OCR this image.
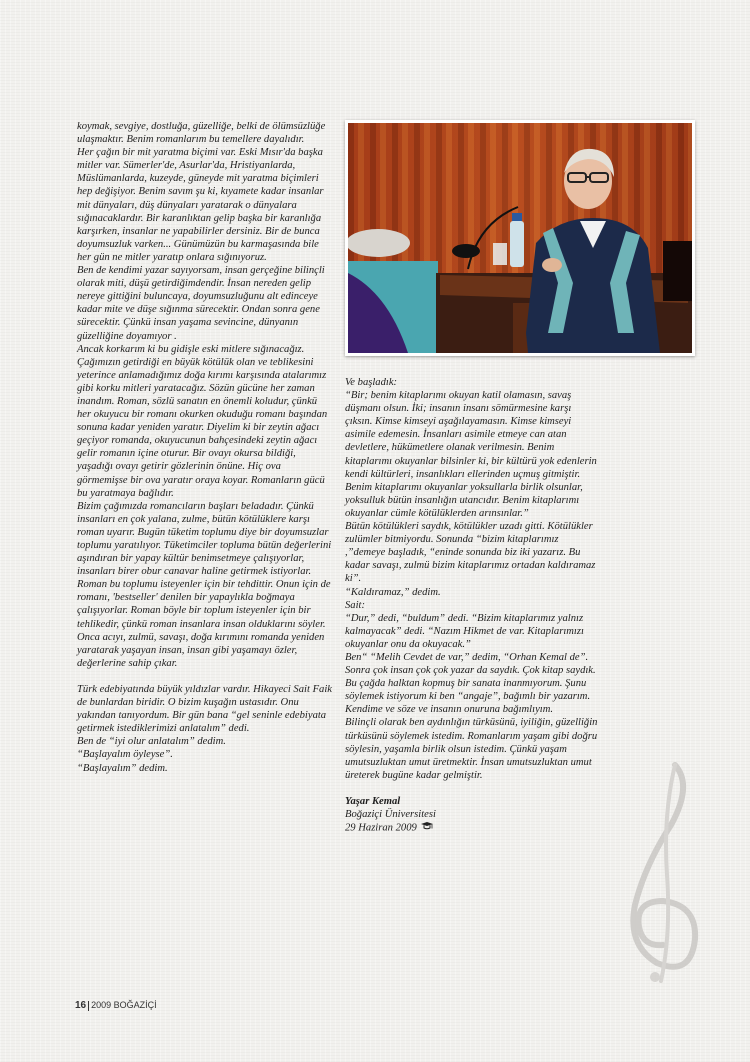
koymak, sevgiye, dostluğa, güzelliğe, belki de ölümsüzlüğe ulaşmaktır. Benim romanlarım bu temellere dayalıdır.

Her çağın bir mit yaratma biçimi var. Eski Mısır'da başka mitler var. Sümerler'de, Asurlar'da, Hristiyanlarda, Müslümanlarda, kuzeyde, güneyde mit yaratma biçimleri hep değişiyor. Benim savım şu ki, kıyamete kadar insanlar mit dünyaları, düş dünyaları yaratarak o dünyalara sığınacaklardır. Bir karanlıktan gelip başka bir karanlığa karşırken, insanlar ne yapabilirler dersiniz. Bir de bunca doyumsuzluk varken... Günümüzün bu karmaşasında bile her gün ne mitler yaratıp onlara sığınıyoruz.

Ben de kendimi yazar sayıyorsam, insan gerçeğine bilinçli olarak miti, düşü getirdiğimdendir. İnsan nereden gelip nereye gittiğini buluncaya, doyumsuzluğunu alt edinceye kadar mite ve düşe sığınma sürecektir. Ondan sonra gene sürecektir. Çünkü insan yaşama sevincine, dünyanın güzelliğine doyamıyor .

Ancak korkarım ki bu gidişle eski mitlere sığınacağız. Çağımızın getirdiği en büyük kötülük olan ve teblikesini yeterince anlamadığımız doğa kırımı karşısında atalarımız gibi korku mitleri yaratacağız. Sözün gücüne her zaman inandım. Roman, sözlü sanatın en önemli koludur, çünkü her okuyucu bir romanı okurken okuduğu romanı başından sonuna kadar yeniden yaratır. Diyelim ki bir zeytin ağacı geçiyor romanda, okuyucunun bahçesindeki zeytin ağacı gelir romanın içine oturur. Bir ovayı okursa bildiği, yaşadığı ovayı getirir gözlerinin önüne. Hiç ova görmemişse bir ova yaratır oraya koyar. Romanların gücü bu yaratmaya bağlıdır.

Bizim çağımızda romancıların başları beladadır. Çünkü insanları en çok yalana, zulme, bütün kötülüklere karşı roman uyarır. Bugün tüketim toplumu diye bir doyumsuzlar toplumu yaratılıyor. Tüketimciler topluma bütün değerlerini aşındıran bir yapay kültür benimsetmeye çalışıyorlar, insanları birer obur canavar haline getirmek istiyorlar. Roman bu toplumu isteyenler için bir tehdittir. Onun için de romanı, 'bestseller' denilen bir yapaylıkla boğmaya çalışıyorlar. Roman böyle bir toplum isteyenler için bir tehlikedir, çünkü roman insanlara insan olduklarını söyler. Onca acıyı, zulmü, savaşı, doğa kırımını romanda yeniden yaratarak yaşayan insan, insan gibi yaşamayı özler, değerlerine sahip çıkar.

Türk edebiyatında büyük yıldızlar vardır. Hikayeci Sait Faik de bunlardan biridir. O bizim kuşağın ustasıdır. Onu yakından tanıyordum. Bir gün bana “gel seninle edebiyata getirmek istediklerimizi anlatalım” dedi.

Ben de “iyi olur anlatalım” dedim.

“Başlayalım öyleyse”.

“Başlayalım” dedim.

Ve başladık:

“Bir; benim kitaplarımı okuyan katil olamasın, savaş düşmanı olsun. İki; insanın insanı sömürmesine karşı çıksın. Kimse kimseyi aşağılayamasın. Kimse kimseyi asimile edemesin. İnsanları asimile etmeye can atan devletlere, hükümetlere olanak verilmesin. Benim kitaplarımı okuyanlar bilsinler ki, bir kültürü yok edenlerin kendi kültürleri, insanlıkları ellerinden uçmuş gitmiştir. Benim kitaplarımı okuyanlar yoksullarla birlik olsunlar, yoksulluk bütün insanlığın utancıdır. Benim kitaplarımı okuyanlar cümle kötülüklerden arınsınlar.”

Bütün kötülükleri saydık, kötülükler uzadı gitti. Kötülükler zulümler bitmiyordu. Sonunda “bizim kitaplarımız ,”demeye başladık, “eninde sonunda biz iki yazarız. Bu kadar savaşı, zulmü bizim kitaplarımız ortadan kaldıramaz ki”.

“Kaldıramaz,” dedim.

Sait:

“Dur,” dedi, “buldum” dedi. “Bizim kitaplarımız yalnız kalmayacak” dedi. “Nazım Hikmet de var. Kitaplarımızı okuyanlar onu da okuyacak.”

Ben“ “Melih Cevdet de var,” dedim, “Orhan Kemal de”.

Sonra çok insan çok çok yazar da saydık. Çok kitap saydık.

Bu çağda halktan kopmuş bir sanata inanmıyorum. Şunu söylemek istiyorum ki ben “angaje”, bağımlı bir yazarım. Kendime ve söze ve insanın onuruna bağımlıyım.

Bilinçli olarak ben aydınlığın türküsünü, iyiliğin, güzelliğin türküsünü söylemek istedim. Romanlarım yaşam gibi doğru söylesin, yaşamla birlik olsun istedim. Çünkü yaşam umutsuzluktan umut üretmektir. İnsan umutsuzluktan umut üreterek bugüne kadar gelmiştir.

Yaşar Kemal

Boğaziçi Üniversitesi

29 Haziran 2009

16 2009 BOĞAZİÇİ
